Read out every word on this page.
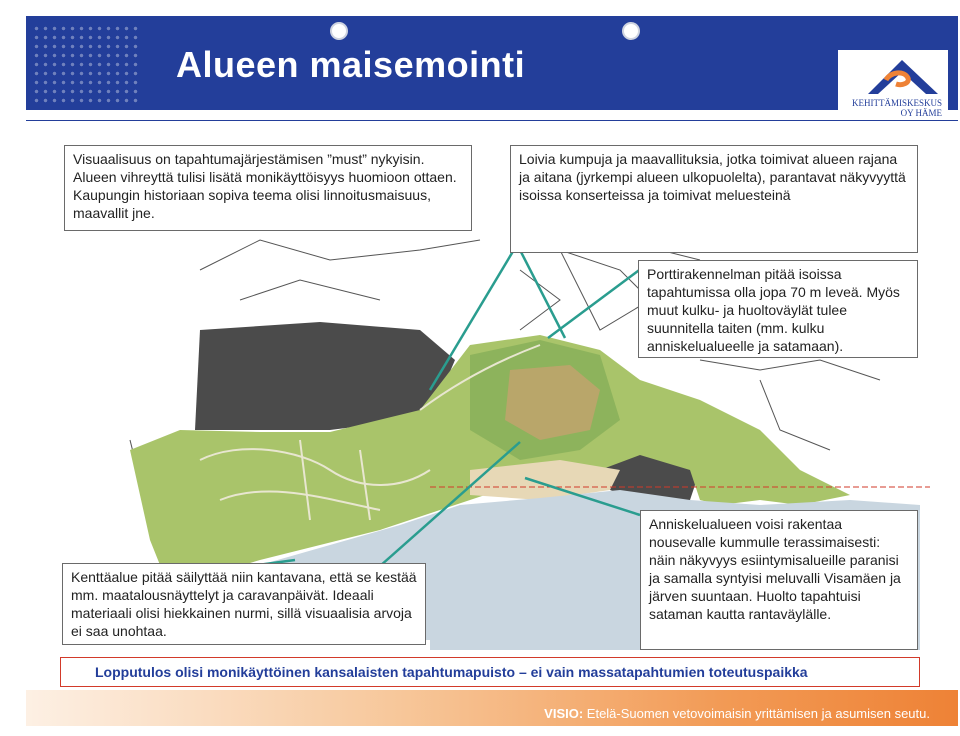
Alueen maisemointi
KEHITTÄMISKESKUS
OY HÄME

Visuaalisuus on tapahtumajärjestämisen ”must” nykyisin. Alueen vihreyttä tulisi lisätä monikäyttöisyys huomioon ottaen. Kaupungin historiaan sopiva teema olisi linnoitusmaisuus, maavallit jne.

Loivia kumpuja ja maavallituksia, jotka toimivat alueen rajana ja aitana (jyrkempi alueen ulkopuolelta), parantavat näkyvyyttä isoissa konserteissa ja toimivat meluesteinä

Porttirakennelman pitää isoissa tapahtumissa olla jopa 70 m leveä. Myös muut kulku- ja huoltoväylät tulee suunnitella taiten (mm. kulku anniskelualueelle ja satamaan).

Kenttäalue pitää säilyttää niin kantavana, että se kestää mm. maatalousnäyttelyt ja caravanpäivät. Ideaali materiaali olisi hiekkainen nurmi, sillä visuaalisia arvoja ei saa unohtaa.

Anniskelualueen voisi rakentaa nousevalle kummulle terassimaisesti: näin näkyvyys esiintymisalueille paranisi ja samalla syntyisi meluvalli Visamäen ja järven suuntaan. Huolto tapahtuisi sataman kautta rantaväylälle.

Lopputulos olisi monikäyttöinen kansalaisten tapahtumapuisto – ei vain massatapahtumien toteutuspaikka
VISIO: Etelä-Suomen vetovoimaisin yrittämisen ja asumisen seutu.
